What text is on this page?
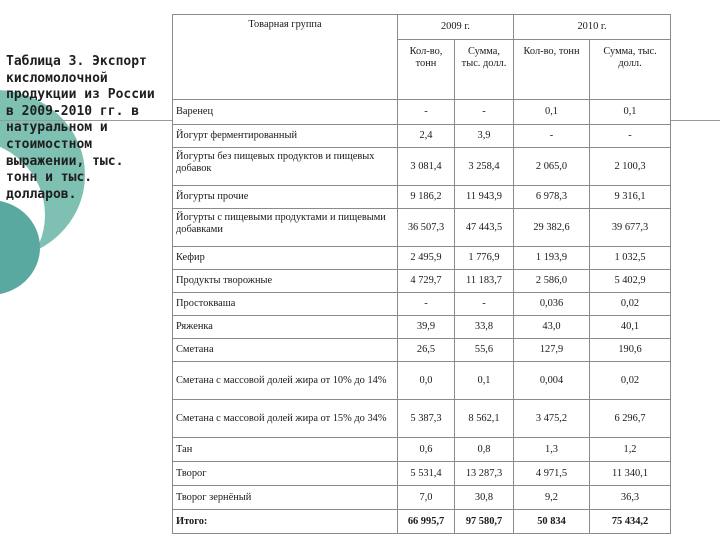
Таблица 3. Экспорт кисломолочной продукции из России в 2009-2010 гг. в натуральном и стоимостном выражении, тыс. тонн и тыс. долларов.

Товарная группа	2009 г.		2010 г.	
	Кол-во, тонн	Сумма, тыс. долл.	Кол-во, тонн	Сумма, тыс. долл.
Варенец	-	-	0,1	0,1
Йогурт ферментированный	2,4	3,9	-	-
Йогурты без пищевых продуктов и пищевых добавок	3 081,4	3 258,4	2 065,0	2 100,3
Йогурты прочие	9 186,2	11 943,9	6 978,3	9 316,1
Йогурты с пищевыми продуктами и пищевыми добавками	36 507,3	47 443,5	29 382,6	39 677,3
Кефир	2 495,9	1 776,9	1 193,9	1 032,5
Продукты творожные	4 729,7	11 183,7	2 586,0	5 402,9
Простокваша	-	-	0,036	0,02
Ряженка	39,9	33,8	43,0	40,1
Сметана	26,5	55,6	127,9	190,6
Сметана с массовой долей жира от 10% до 14%	0,0	0,1	0,004	0,02
Сметана с массовой долей жира от 15% до 34%	5 387,3	8 562,1	3 475,2	6 296,7
Тан	0,6	0,8	1,3	1,2
Творог	5 531,4	13 287,3	4 971,5	11 340,1
Творог зернёный	7,0	30,8	9,2	36,3
Итого:	66 995,7	97 580,7	50 834	75 434,2
